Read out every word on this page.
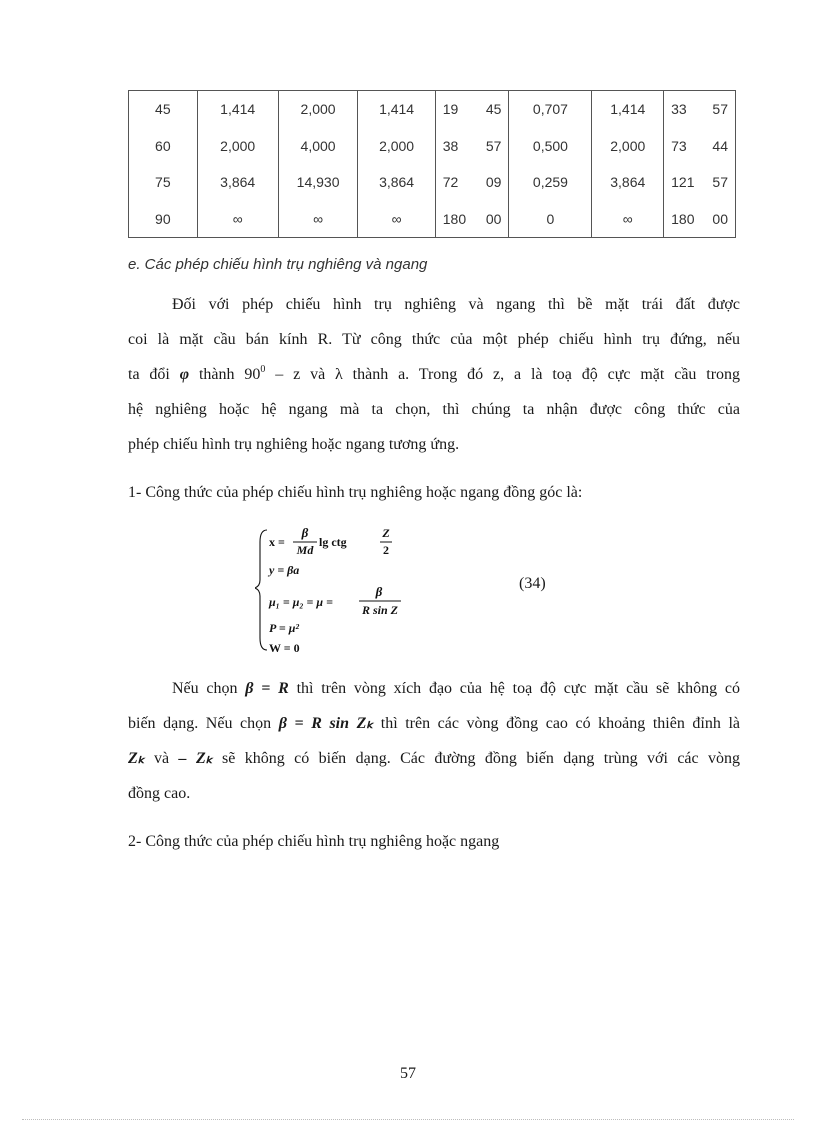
45	1,414	2,000	1,414	19 45	0,707	1,414	33 57

60	2,000	4,000	2,000	38 57	0,500	2,000	73 44

75	3,864	14,930	3,864	72 09	0,259	3,864	121 57

90	∞	∞	∞	180 00	0	∞	180 00
e. Các phép chiếu hình trụ nghiêng và ngang
Đối với phép chiếu hình trụ nghiêng và ngang thì bề mặt trái đất được
coi là mặt cầu bán kính R. Từ công thức của một phép chiếu hình trụ đứng, nếu
ta đổi φ thành $90^0$ – z và λ thành a. Trong đó z, a là toạ độ cực mặt cầu trong
hệ nghiêng hoặc hệ ngang mà ta chọn, thì chúng ta nhận được công thức của
phép chiếu hình trụ nghiêng hoặc ngang tương ứng.
1- Công thức của phép chiếu hình trụ nghiêng hoặc ngang đồng góc là:
x =
β
Md
lg ctg
Z
2
y = βa
μ₁ = μ₂ = μ =
β
R sin Z
P = μ²
W = 0
(34)
Nếu chọn β = R thì trên vòng xích đạo của hệ toạ độ cực mặt cầu sẽ không có
biến dạng. Nếu chọn β = R sin Zₖ thì trên các vòng đồng cao có khoảng thiên đỉnh là
Zₖ và – Zₖ sẽ không có biến dạng. Các đường đồng biến dạng trùng với các vòng
đồng cao.
2- Công thức của phép chiếu hình trụ nghiêng hoặc ngang
57
